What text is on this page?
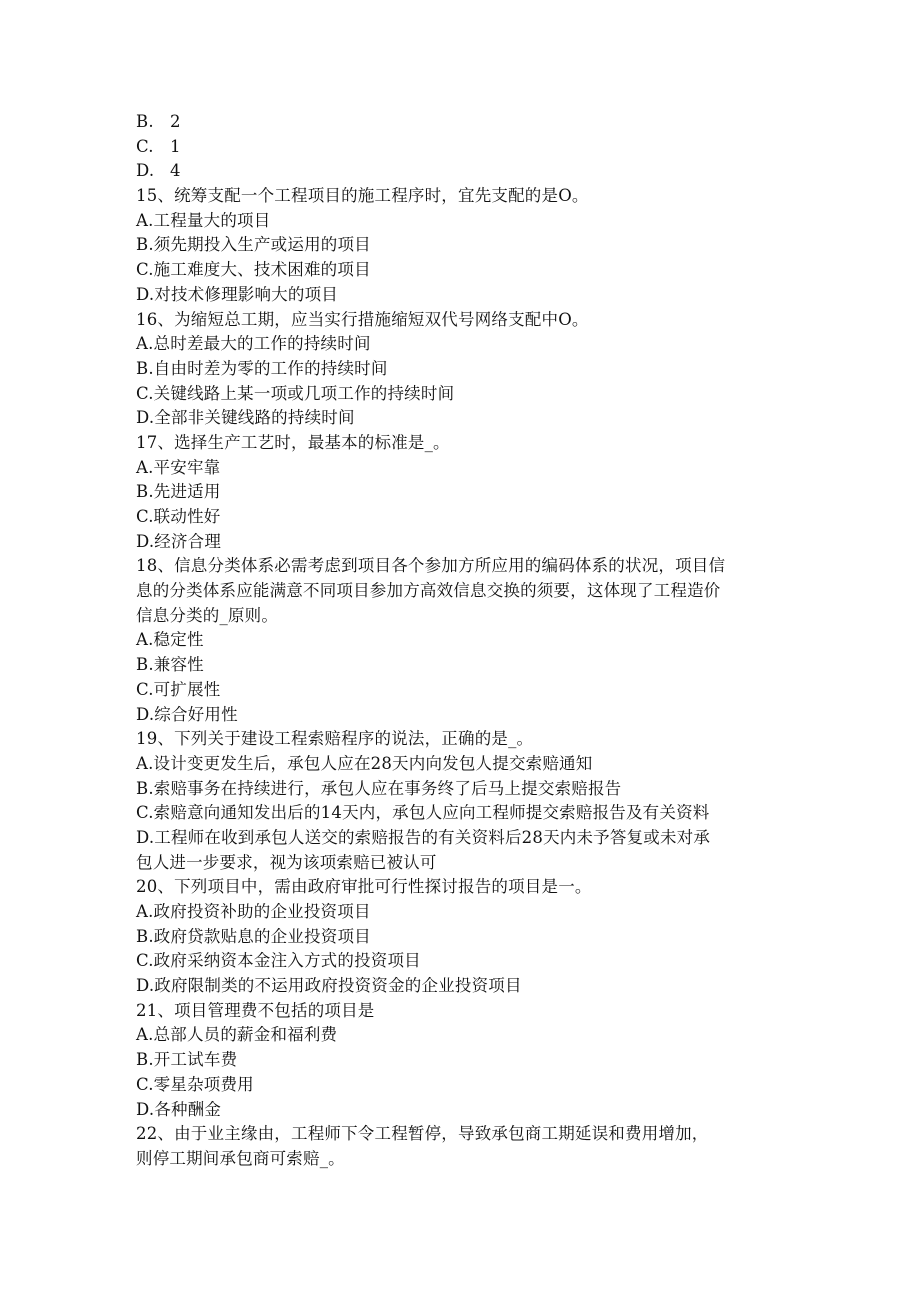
B. 2
C. 1
D. 4
15、统筹支配一个工程项目的施工程序时，宜先支配的是O。
A.工程量大的项目
B.须先期投入生产或运用的项目
C.施工难度大、技术困难的项目
D.对技术修理影响大的项目
16、为缩短总工期，应当实行措施缩短双代号网络支配中O。
A.总时差最大的工作的持续时间
B.自由时差为零的工作的持续时间
C.关键线路上某一项或几项工作的持续时间
D.全部非关键线路的持续时间
17、选择生产工艺时，最基本的标准是_。
A.平安牢靠
B.先进适用
C.联动性好
D.经济合理
18、信息分类体系必需考虑到项目各个参加方所应用的编码体系的状况，项目信
息的分类体系应能满意不同项目参加方高效信息交换的须要，这体现了工程造价
信息分类的_原则。
A.稳定性
B.兼容性
C.可扩展性
D.综合好用性
19、下列关于建设工程索赔程序的说法，正确的是_。
A.设计变更发生后，承包人应在28天内向发包人提交索赔通知
B.索赔事务在持续进行，承包人应在事务终了后马上提交索赔报告
C.索赔意向通知发出后的14天内，承包人应向工程师提交索赔报告及有关资料
D.工程师在收到承包人送交的索赔报告的有关资料后28天内未予答复或未对承
包人进一步要求，视为该项索赔已被认可
20、下列项目中，需由政府审批可行性探讨报告的项目是一。
A.政府投资补助的企业投资项目
B.政府贷款贴息的企业投资项目
C.政府采纳资本金注入方式的投资项目
D.政府限制类的不运用政府投资资金的企业投资项目
21、项目管理费不包括的项目是
A.总部人员的薪金和福利费
B.开工试车费
C.零星杂项费用
D.各种酬金
22、由于业主缘由，工程师下令工程暂停，导致承包商工期延误和费用增加，
则停工期间承包商可索赔_。
